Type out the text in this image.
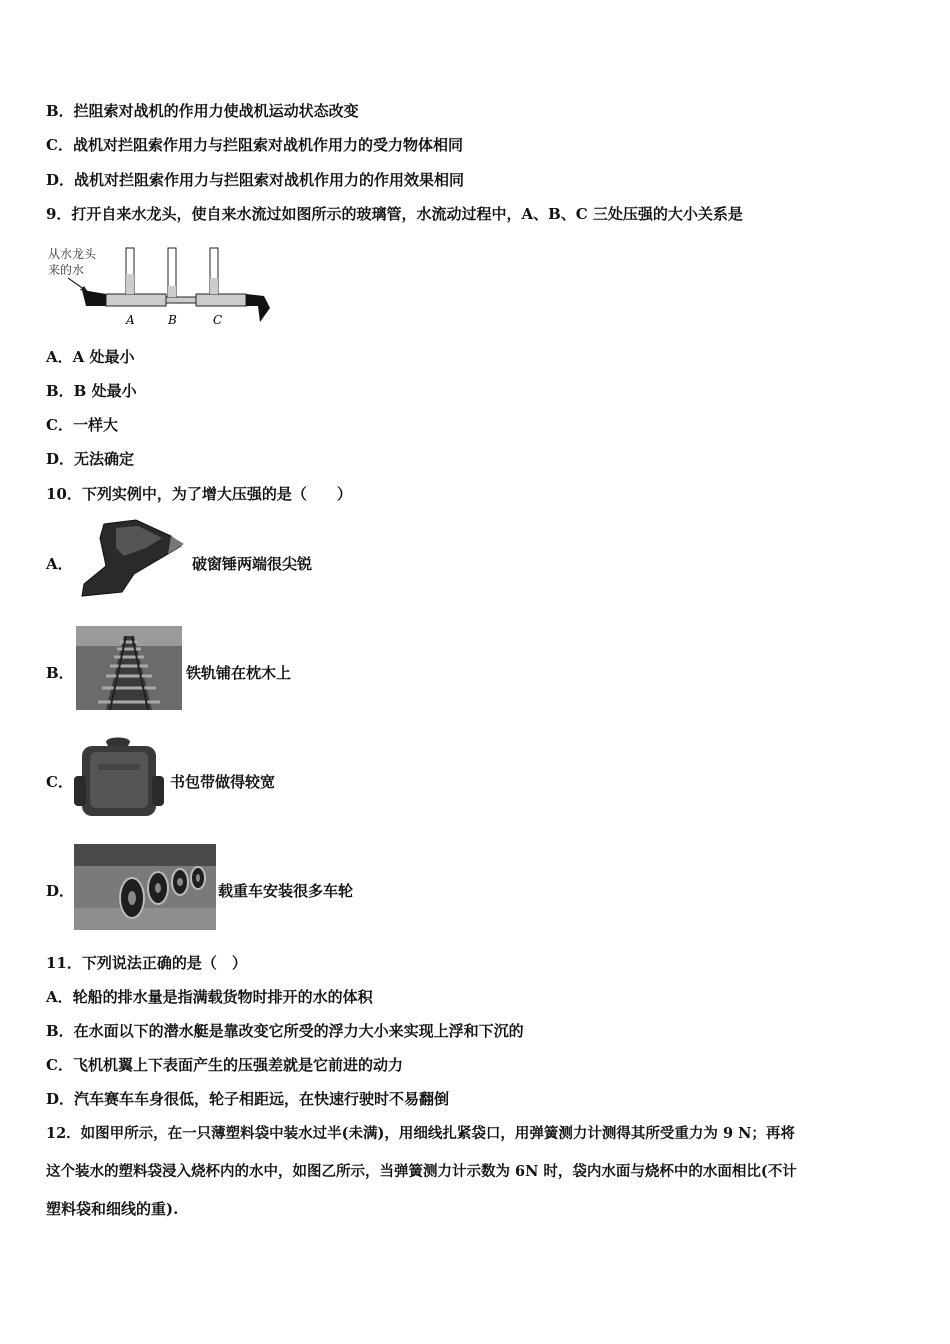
B．拦阻索对战机的作用力使战机运动状态改变
C．战机对拦阻索作用力与拦阻索对战机作用力的受力物体相同
D．战机对拦阻索作用力与拦阻索对战机作用力的作用效果相同
9．打开自来水龙头，使自来水流过如图所示的玻璃管，水流动过程中，A、B、C 三处压强的大小关系是
从水龙头
来的水
A	B	C
A．A 处最小
B．B 处最小
C．一样大
D．无法确定
10．下列实例中，为了增大压强的是（　　）
A．	破窗锤两端很尖锐
B．	铁轨铺在枕木上
C．	书包带做得较宽
D．	载重车安装很多车轮
11．下列说法正确的是（　）
A．轮船的排水量是指满载货物时排开的水的体积
B．在水面以下的潜水艇是靠改变它所受的浮力大小来实现上浮和下沉的
C．飞机机翼上下表面产生的压强差就是它前进的动力
D．汽车赛车车身很低，轮子相距远，在快速行驶时不易翻倒
12．如图甲所示，在一只薄塑料袋中装水过半(未满)，用细线扎紧袋口，用弹簧测力计测得其所受重力为 9 N；再将
这个装水的塑料袋浸入烧杯内的水中，如图乙所示，当弹簧测力计示数为 6N 时，袋内水面与烧杯中的水面相比(不计
塑料袋和细线的重).
